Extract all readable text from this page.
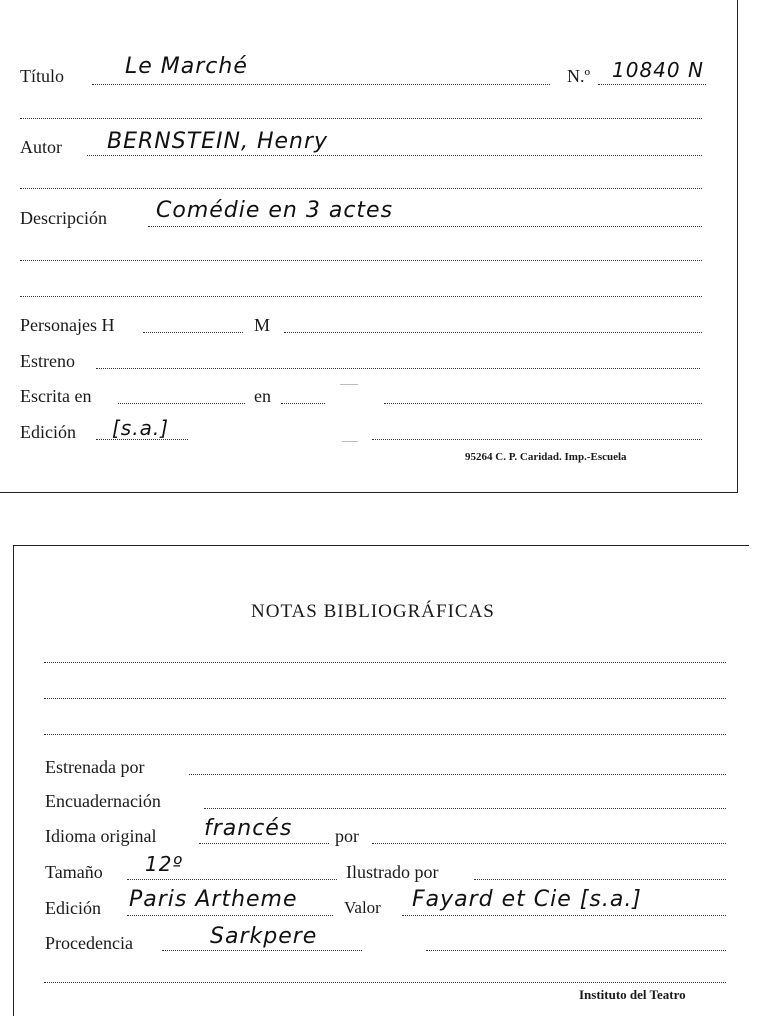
Título	Le Marché	N.º 10840 N
Autor BERNSTEIN, Henry
Descripción Comédie en 3 actes
Personajes H	M
Estreno
Escrita en	en
Edición [s.a.]
95264 C. P. Caridad. Imp.-Escuela
NOTAS BIBLIOGRÁFICAS
Estrenada por
Encuadernación
Idioma original francés por
Tamaño 12º	Ilustrado por
Edición Paris Artheme	Valor Fayard et Cie [s.a.]
Procedencia	Sarkpere
Instituto del Teatro
